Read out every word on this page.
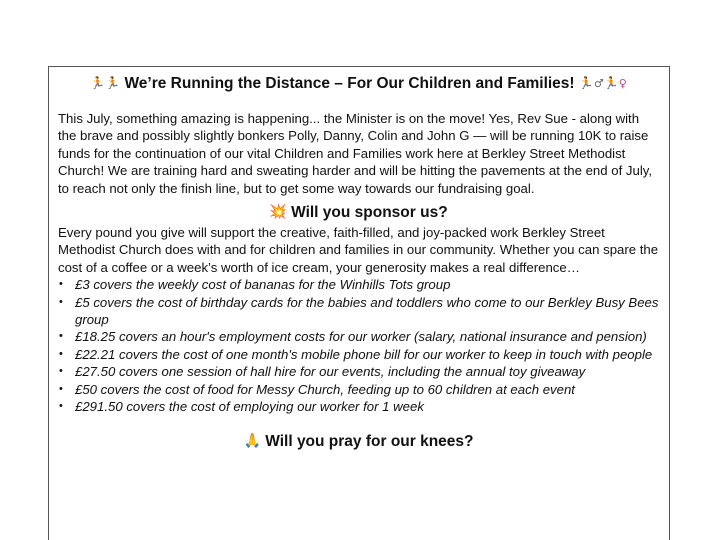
🏃🏃 We’re Running the Distance – For Our Children and Families! 🏃♂🏃♀

This July, something amazing is happening... the Minister is on the move! Yes, Rev Sue - along with the brave and possibly slightly bonkers Polly, Danny, Colin and John G — will be running 10K to raise funds for the continuation of our vital Children and Families work here at Berkley Street Methodist Church! We are training hard and sweating harder and will be hitting the pavements at the end of July, to reach not only the finish line, but to get some way towards our fundraising goal.

💥 Will you sponsor us?

Every pound you give will support the creative, faith-filled, and joy-packed work Berkley Street Methodist Church does with and for children and families in our community. Whether you can spare the cost of a coffee or a week’s worth of ice cream, your generosity makes a real difference…

• £3 covers the weekly cost of bananas for the Winhills Tots group
• £5 covers the cost of birthday cards for the babies and toddlers who come to our Berkley Busy Bees group
• £18.25 covers an hour's employment costs for our worker (salary, national insurance and pension)
• £22.21 covers the cost of one month's mobile phone bill for our worker to keep in touch with people
• £27.50 covers one session of hall hire for our events, including the annual toy giveaway
• £50 covers the cost of food for Messy Church, feeding up to 60 children at each event
• £291.50 covers the cost of employing our worker for 1 week
🙏 Will you pray for our knees?
